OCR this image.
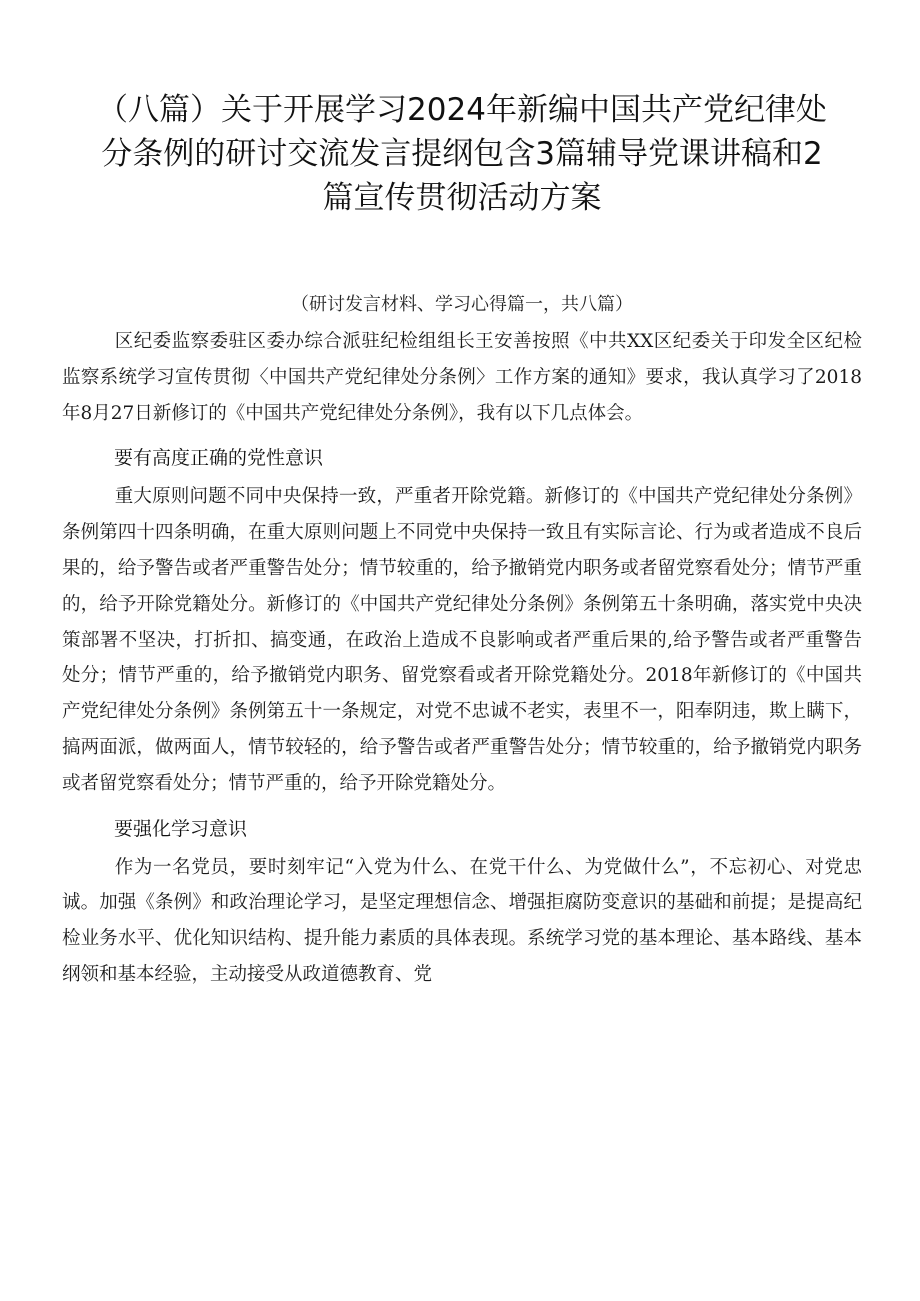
（八篇）关于开展学习2024年新编中国共产党纪律处
分条例的研讨交流发言提纲包含3篇辅导党课讲稿和2
篇宣传贯彻活动方案
（研讨发言材料、学习心得篇一，共八篇）

区纪委监察委驻区委办综合派驻纪检组组长王安善按照《中共XX区纪委关于印发全区纪检监察系统学习宣传贯彻〈中国共产党纪律处分条例〉工作方案的通知》要求，我认真学习了2018年8月27日新修订的《中国共产党纪律处分条例》，我有以下几点体会。

要有高度正确的党性意识

重大原则问题不同中央保持一致，严重者开除党籍。新修订的《中国共产党纪律处分条例》条例第四十四条明确，在重大原则问题上不同党中央保持一致且有实际言论、行为或者造成不良后果的，给予警告或者严重警告处分；情节较重的，给予撤销党内职务或者留党察看处分；情节严重的，给予开除党籍处分。新修订的《中国共产党纪律处分条例》条例第五十条明确，落实党中央决策部署不坚决，打折扣、搞变通，在政治上造成不良影响或者严重后果的,给予警告或者严重警告处分；情节严重的，给予撤销党内职务、留党察看或者开除党籍处分。2018年新修订的《中国共产党纪律处分条例》条例第五十一条规定，对党不忠诚不老实，表里不一，阳奉阴违，欺上瞒下，搞两面派，做两面人，情节较轻的，给予警告或者严重警告处分；情节较重的，给予撤销党内职务或者留党察看处分；情节严重的，给予开除党籍处分。

要强化学习意识

作为一名党员，要时刻牢记“入党为什么、在党干什么、为党做什么”，不忘初心、对党忠诚。加强《条例》和政治理论学习，是坚定理想信念、增强拒腐防变意识的基础和前提；是提高纪检业务水平、优化知识结构、提升能力素质的具体表现。系统学习党的基本理论、基本路线、基本纲领和基本经验，主动接受从政道德教育、党
